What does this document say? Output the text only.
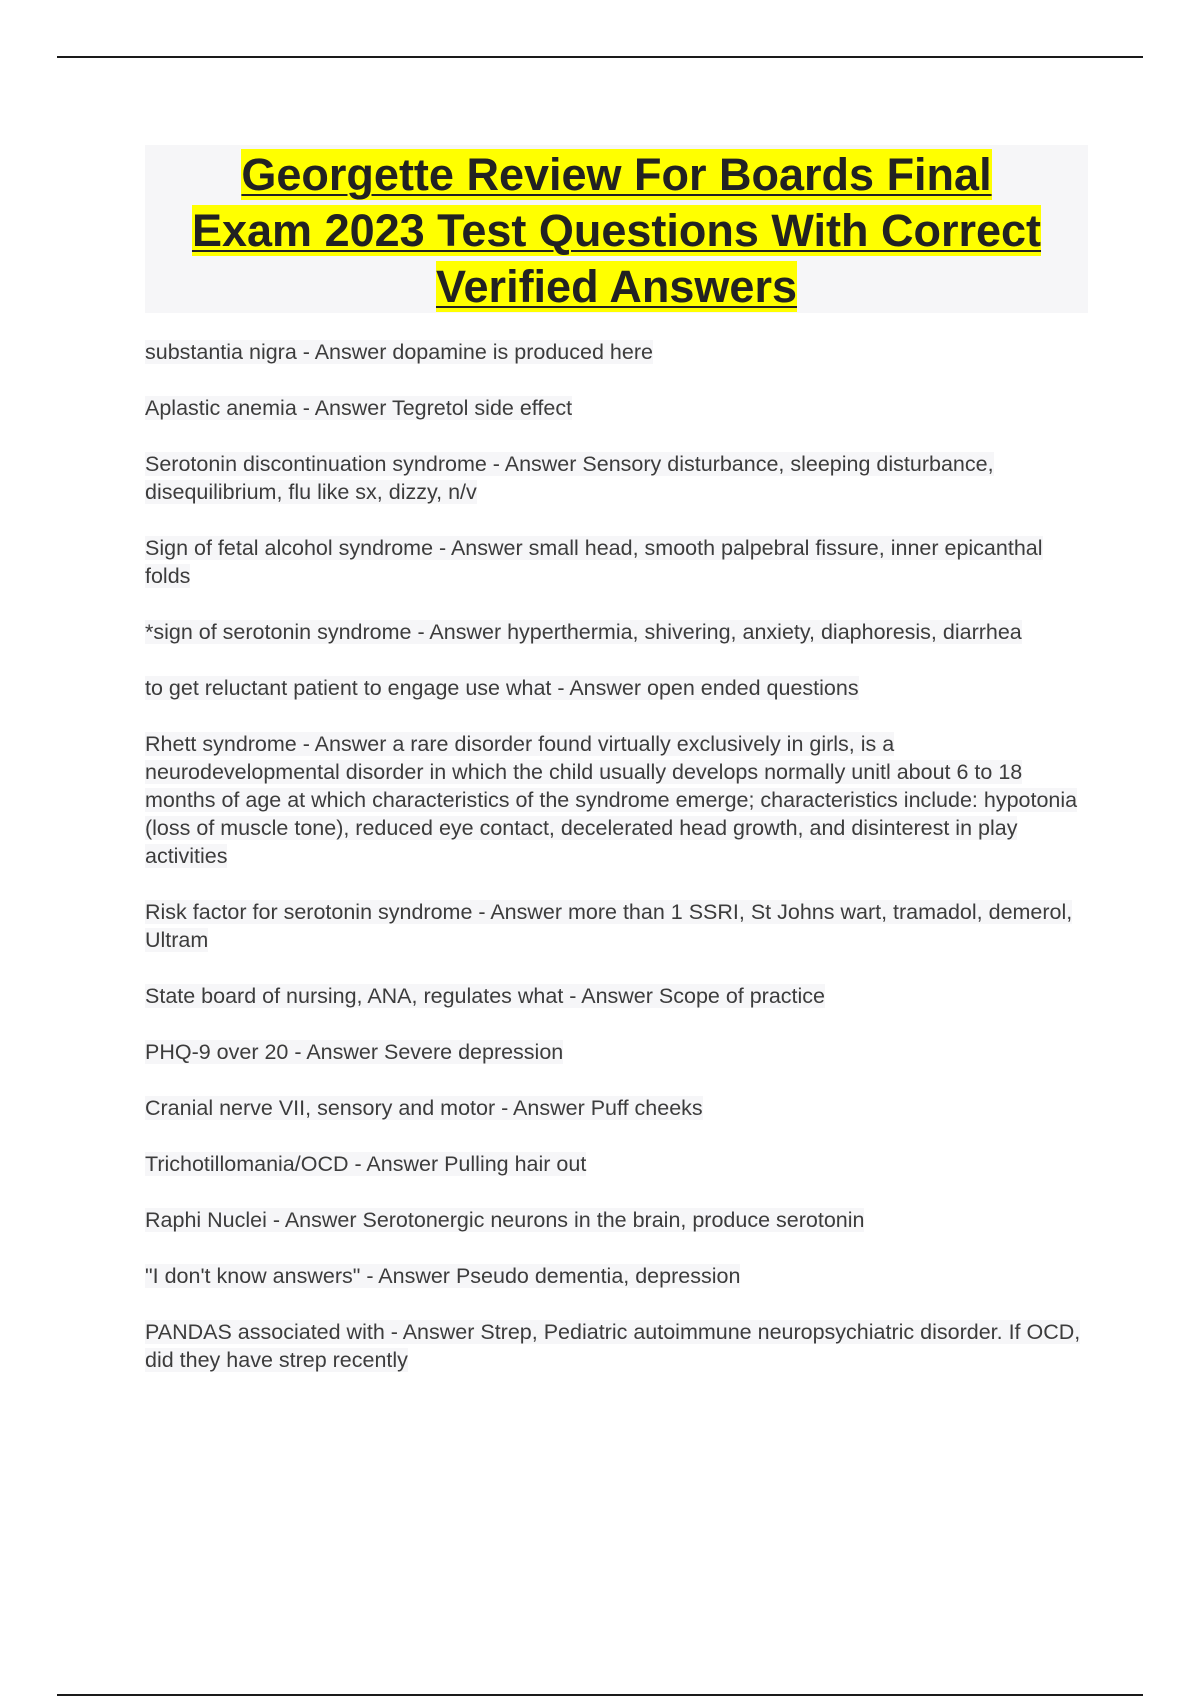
Georgette Review For Boards Final
Exam 2023 Test Questions With Correct
Verified Answers
substantia nigra - Answer dopamine is produced here
Aplastic anemia - Answer Tegretol side effect
Serotonin discontinuation syndrome - Answer Sensory disturbance, sleeping disturbance, disequilibrium, flu like sx, dizzy, n/v
Sign of fetal alcohol syndrome - Answer small head, smooth palpebral fissure, inner epicanthal folds
*sign of serotonin syndrome - Answer hyperthermia, shivering, anxiety, diaphoresis, diarrhea
to get reluctant patient to engage use what - Answer open ended questions
Rhett syndrome - Answer a rare disorder found virtually exclusively in girls, is a neurodevelopmental disorder in which the child usually develops normally unitl about 6 to 18 months of age at which characteristics of the syndrome emerge; characteristics include: hypotonia (loss of muscle tone), reduced eye contact, decelerated head growth, and disinterest in play activities
Risk factor for serotonin syndrome - Answer more than 1 SSRI, St Johns wart, tramadol, demerol, Ultram
State board of nursing, ANA, regulates what - Answer Scope of practice
PHQ-9 over 20 - Answer Severe depression
Cranial nerve VII, sensory and motor - Answer Puff cheeks
Trichotillomania/OCD - Answer Pulling hair out
Raphi Nuclei - Answer Serotonergic neurons in the brain, produce serotonin
"I don't know answers" - Answer Pseudo dementia, depression
PANDAS associated with - Answer Strep, Pediatric autoimmune neuropsychiatric disorder. If OCD, did they have strep recently
